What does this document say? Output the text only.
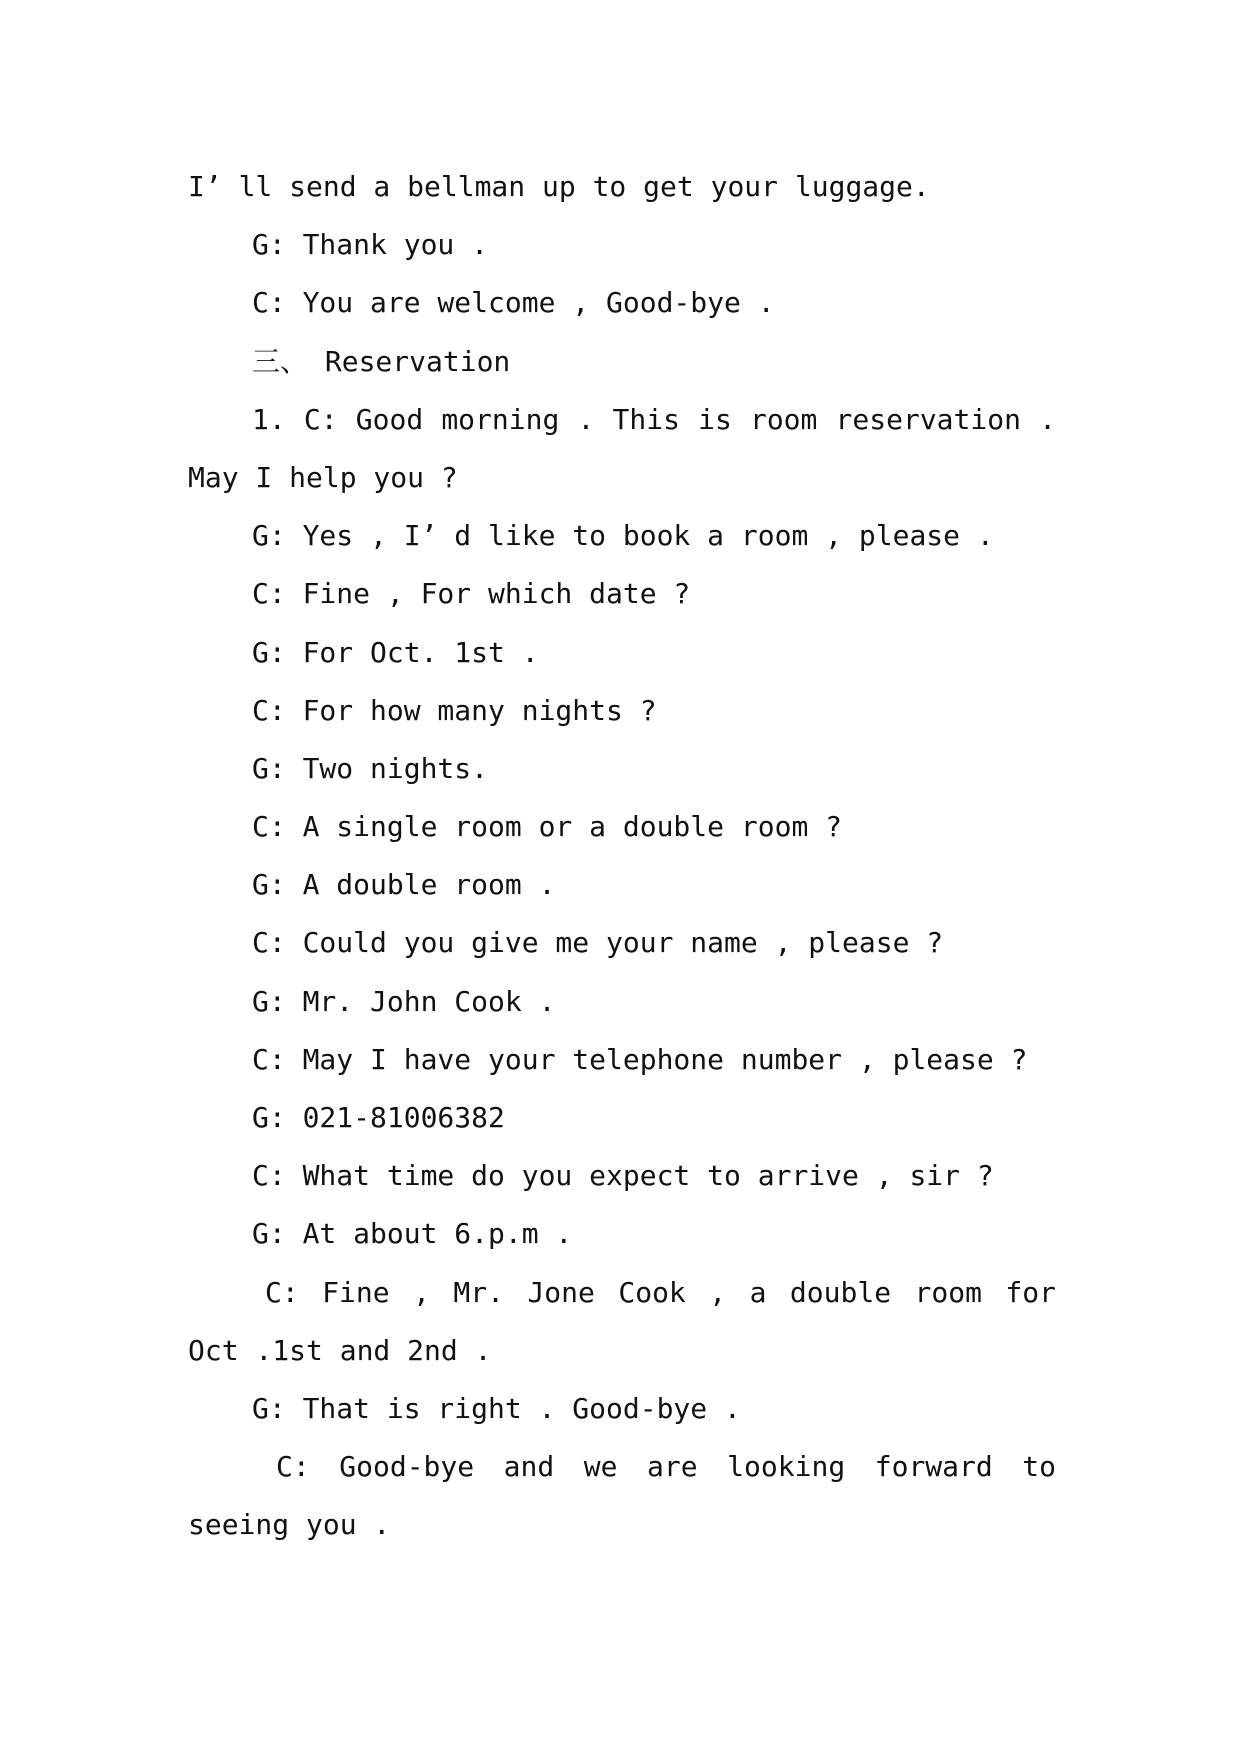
I’ ll send a bellman up to get your luggage.
G: Thank you .
C: You are welcome , Good-bye .
三、 Reservation
1. C: Good morning . This is room reservation .
May I help you ?
G: Yes , I’ d like to book a room , please .
C: Fine , For which date ?
G: For Oct. 1st .
C: For how many nights ?
G: Two nights.
C: A single room or a double room ?
G: A double room .
C: Could you give me your name , please ?
G: Mr. John Cook .
C: May I have your telephone number , please ?
G: 021-81006382
C: What time do you expect to arrive , sir ?
G: At about 6.p.m .
C: Fine , Mr. Jone Cook , a double room for
Oct .1st and 2nd .
G: That is right . Good-bye .
C: Good-bye and we are looking forward to
seeing you .
